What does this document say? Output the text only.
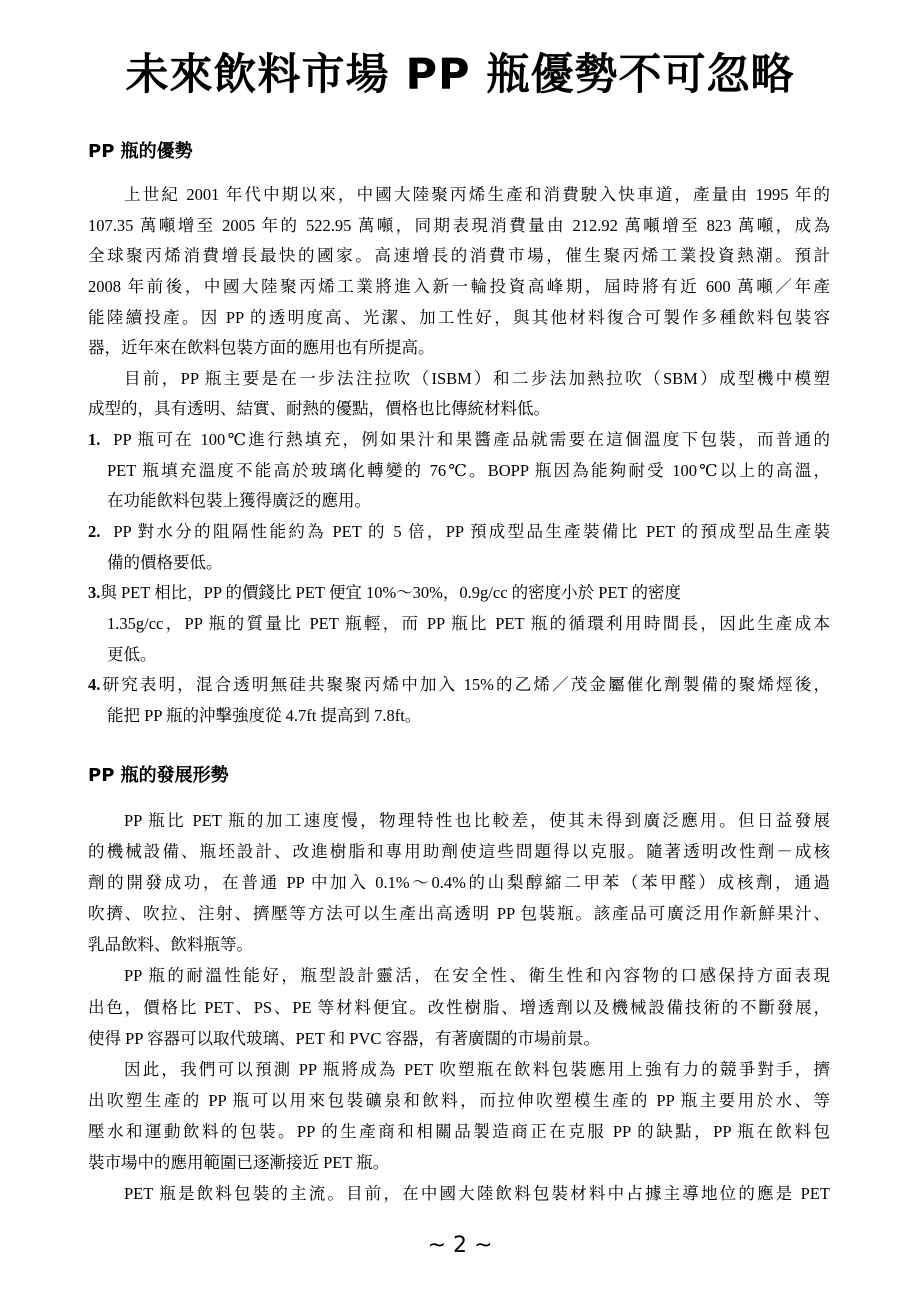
未來飲料市場 PP 瓶優勢不可忽略
PP 瓶的優勢
上世紀 2001 年代中期以來，中國大陸聚丙烯生產和消費駛入快車道，產量由 1995 年的
107.35 萬噸增至 2005 年的 522.95 萬噸，同期表現消費量由 212.92 萬噸增至 823 萬噸，成為
全球聚丙烯消費增長最快的國家。高速增長的消費市場，催生聚丙烯工業投資熱潮。預計
2008 年前後，中國大陸聚丙烯工業將進入新一輪投資高峰期，屆時將有近 600 萬噸／年產
能陸續投產。因 PP 的透明度高、光潔、加工性好，與其他材料復合可製作多種飲料包裝容
器，近年來在飲料包裝方面的應用也有所提高。
目前，PP 瓶主要是在一步法注拉吹（ISBM）和二步法加熱拉吹（SBM）成型機中模塑
成型的，具有透明、結實、耐熱的優點，價格也比傳統材料低。
1.  PP 瓶可在 100℃進行熱填充，例如果汁和果醬產品就需要在這個溫度下包裝，而普通的
PET 瓶填充溫度不能高於玻璃化轉變的 76℃。BOPP 瓶因為能夠耐受 100℃以上的高溫，
在功能飲料包裝上獲得廣泛的應用。
2.  PP 對水分的阻隔性能約為 PET 的 5 倍，PP 預成型品生產裝備比 PET 的預成型品生產裝
備的價格要低。
3.與 PET 相比，PP 的價錢比 PET 便宜 10%～30%，0.9g/cc 的密度小於 PET 的密度
1.35g/cc，PP 瓶的質量比 PET 瓶輕，而 PP 瓶比 PET 瓶的循環利用時間長，因此生產成本
更低。
4.研究表明，混合透明無硅共聚聚丙烯中加入 15%的乙烯／茂金屬催化劑製備的聚烯烴後，
能把 PP 瓶的沖擊強度從 4.7ft 提高到 7.8ft。
PP 瓶的發展形勢
PP 瓶比 PET 瓶的加工速度慢，物理特性也比較差，使其未得到廣泛應用。但日益發展
的機械設備、瓶坯設計、改進樹脂和專用助劑使這些問題得以克服。隨著透明改性劑－成核
劑的開發成功，在普通 PP 中加入 0.1%～0.4%的山梨醇縮二甲苯（苯甲醛）成核劑，通過
吹擠、吹拉、注射、擠壓等方法可以生產出高透明 PP 包裝瓶。該產品可廣泛用作新鮮果汁、
乳品飲料、飲料瓶等。
PP 瓶的耐溫性能好，瓶型設計靈活，在安全性、衛生性和內容物的口感保持方面表現
出色，價格比 PET、PS、PE 等材料便宜。改性樹脂、增透劑以及機械設備技術的不斷發展，
使得 PP 容器可以取代玻璃、PET 和 PVC 容器，有著廣闊的市場前景。
因此，我們可以預測 PP 瓶將成為 PET 吹塑瓶在飲料包裝應用上強有力的競爭對手，擠
出吹塑生產的 PP 瓶可以用來包裝礦泉和飲料，而拉伸吹塑模生產的 PP 瓶主要用於水、等
壓水和運動飲料的包裝。PP 的生產商和相關品製造商正在克服 PP 的缺點，PP 瓶在飲料包
裝市場中的應用範圍已逐漸接近 PET 瓶。
PET 瓶是飲料包裝的主流。目前，在中國大陸飲料包裝材料中占據主導地位的應是 PET
~ 2 ~
